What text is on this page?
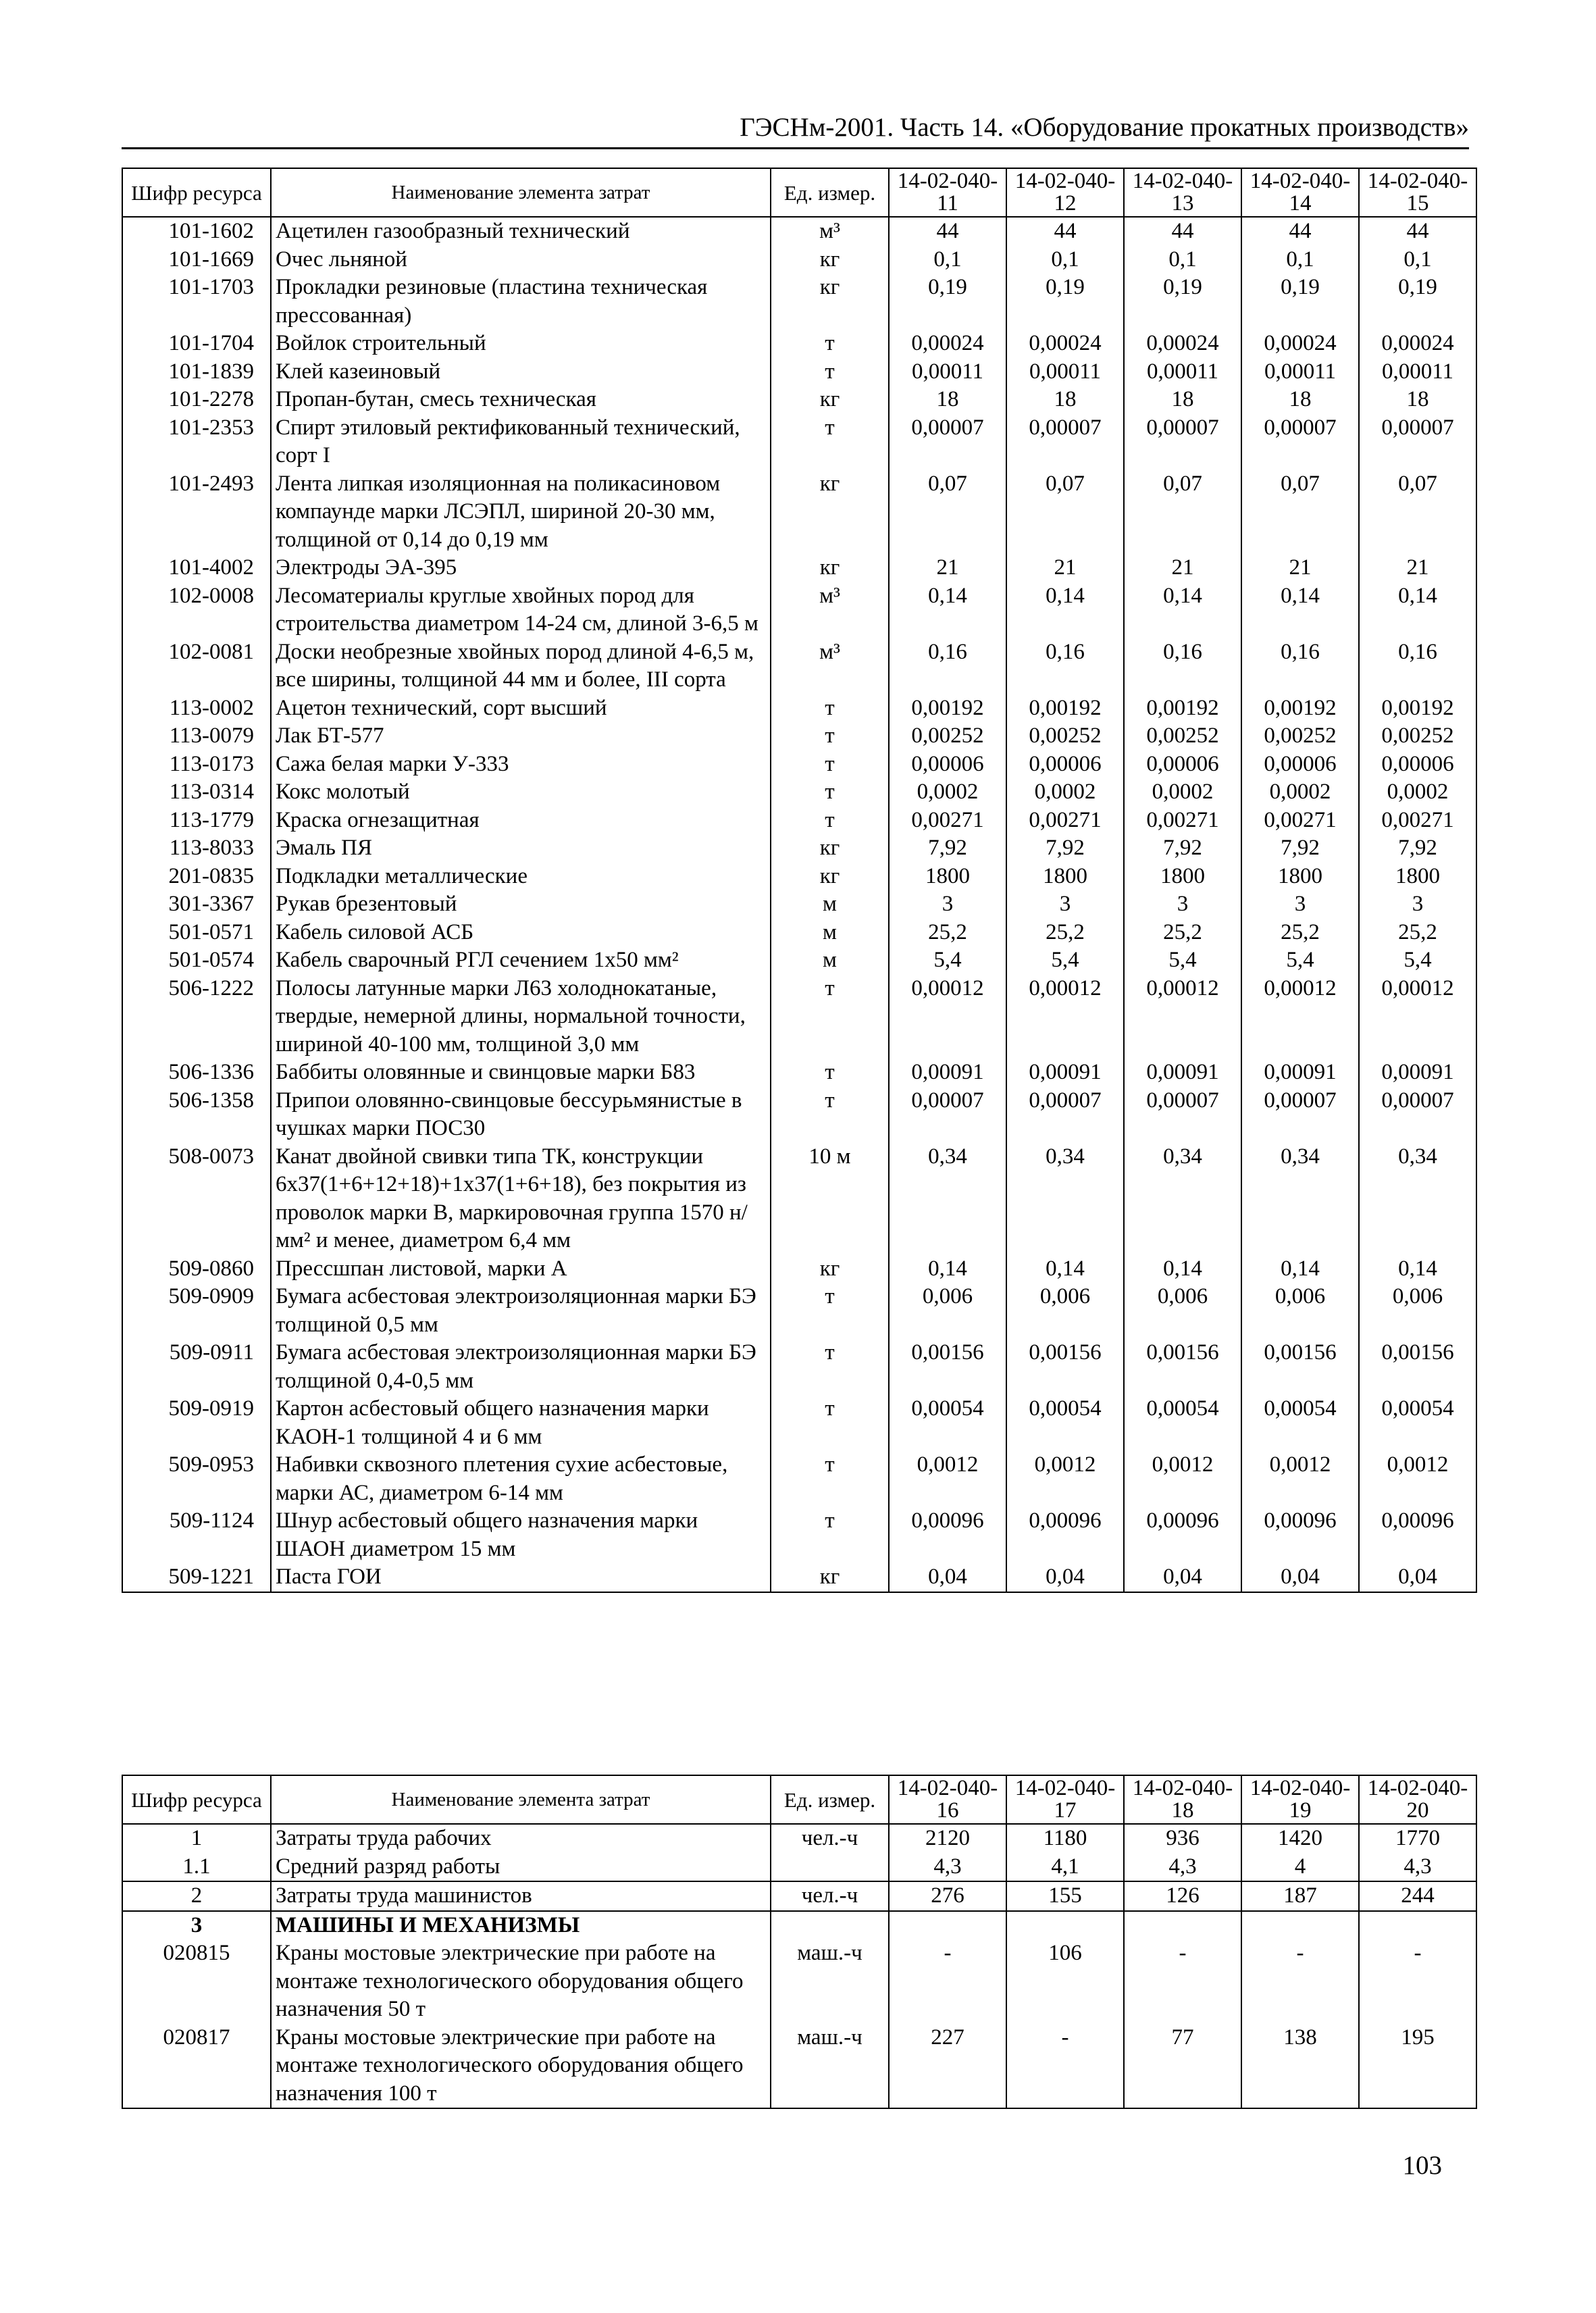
ГЭСНм-2001. Часть 14. «Оборудование прокатных производств»
Шифр ресурса	Наименование элемента затрат	Ед. измер.	14-02-040-11	14-02-040-12	14-02-040-13	14-02-040-14	14-02-040-15
101-1602	Ацетилен газообразный технический	м³	44	44	44	44	44
101-1669	Очес льняной	кг	0,1	0,1	0,1	0,1	0,1
101-1703	Прокладки резиновые (пластина техническая прессованная)	кг	0,19	0,19	0,19	0,19	0,19
101-1704	Войлок строительный	т	0,00024	0,00024	0,00024	0,00024	0,00024
101-1839	Клей казеиновый	т	0,00011	0,00011	0,00011	0,00011	0,00011
101-2278	Пропан-бутан, смесь техническая	кг	18	18	18	18	18
101-2353	Спирт этиловый ректификованный технический, сорт I	т	0,00007	0,00007	0,00007	0,00007	0,00007
101-2493	Лента липкая изоляционная на поликасиновом компаунде марки ЛСЭПЛ, шириной 20-30 мм, толщиной от 0,14 до 0,19 мм	кг	0,07	0,07	0,07	0,07	0,07
101-4002	Электроды ЭА-395	кг	21	21	21	21	21
102-0008	Лесоматериалы круглые хвойных пород для строительства диаметром 14-24 см, длиной 3-6,5 м	м³	0,14	0,14	0,14	0,14	0,14
102-0081	Доски необрезные хвойных пород длиной 4-6,5 м, все ширины, толщиной 44 мм и более, III сорта	м³	0,16	0,16	0,16	0,16	0,16
113-0002	Ацетон технический, сорт высший	т	0,00192	0,00192	0,00192	0,00192	0,00192
113-0079	Лак БТ-577	т	0,00252	0,00252	0,00252	0,00252	0,00252
113-0173	Сажа белая марки У-333	т	0,00006	0,00006	0,00006	0,00006	0,00006
113-0314	Кокс молотый	т	0,0002	0,0002	0,0002	0,0002	0,0002
113-1779	Краска огнезащитная	т	0,00271	0,00271	0,00271	0,00271	0,00271
113-8033	Эмаль ПЯ	кг	7,92	7,92	7,92	7,92	7,92
201-0835	Подкладки металлические	кг	1800	1800	1800	1800	1800
301-3367	Рукав брезентовый	м	3	3	3	3	3
501-0571	Кабель силовой АСБ	м	25,2	25,2	25,2	25,2	25,2
501-0574	Кабель сварочный РГЛ сечением 1х50 мм²	м	5,4	5,4	5,4	5,4	5,4
506-1222	Полосы латунные марки Л63 холоднокатаные, твердые, немерной длины, нормальной точности, шириной 40-100 мм, толщиной 3,0 мм	т	0,00012	0,00012	0,00012	0,00012	0,00012
506-1336	Баббиты оловянные и свинцовые марки Б83	т	0,00091	0,00091	0,00091	0,00091	0,00091
506-1358	Припои оловянно-свинцовые бессурьмянистые в чушках марки ПОС30	т	0,00007	0,00007	0,00007	0,00007	0,00007
508-0073	Канат двойной свивки типа ТК, конструкции 6х37(1+6+12+18)+1х37(1+6+18), без покрытия из проволок марки В, маркировочная группа 1570 н/мм² и менее, диаметром 6,4 мм	10 м	0,34	0,34	0,34	0,34	0,34
509-0860	Прессшпан листовой, марки А	кг	0,14	0,14	0,14	0,14	0,14
509-0909	Бумага асбестовая электроизоляционная марки БЭ толщиной 0,5 мм	т	0,006	0,006	0,006	0,006	0,006
509-0911	Бумага асбестовая электроизоляционная марки БЭ толщиной 0,4-0,5 мм	т	0,00156	0,00156	0,00156	0,00156	0,00156
509-0919	Картон асбестовый общего назначения марки КАОН-1 толщиной 4 и 6 мм	т	0,00054	0,00054	0,00054	0,00054	0,00054
509-0953	Набивки сквозного плетения сухие асбестовые, марки АС, диаметром 6-14 мм	т	0,0012	0,0012	0,0012	0,0012	0,0012
509-1124	Шнур асбестовый общего назначения марки ШАОН диаметром 15 мм	т	0,00096	0,00096	0,00096	0,00096	0,00096
509-1221	Паста ГОИ	кг	0,04	0,04	0,04	0,04	0,04
Шифр ресурса	Наименование элемента затрат	Ед. измер.	14-02-040-16	14-02-040-17	14-02-040-18	14-02-040-19	14-02-040-20
1	Затраты труда рабочих	чел.-ч	2120	1180	936	1420	1770
1.1	Средний разряд работы		4,3	4,1	4,3	4	4,3
2	Затраты труда машинистов	чел.-ч	276	155	126	187	244
3	МАШИНЫ И МЕХАНИЗМЫ						
020815	Краны мостовые электрические при работе на монтаже технологического оборудования общего назначения 50 т	маш.-ч	-	106	-	-	-
020817	Краны мостовые электрические при работе на монтаже технологического оборудования общего назначения 100 т	маш.-ч	227	-	77	138	195
103
